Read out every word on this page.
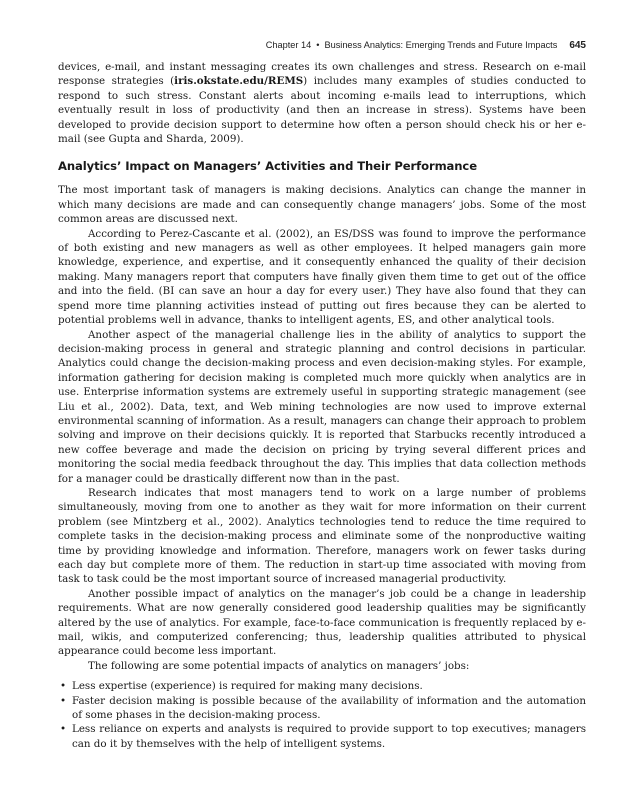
Chapter 14 • Business Analytics: Emerging Trends and Future Impacts 645

devices, e-mail, and instant messaging creates its own challenges and stress. Research on e-mail response strategies (iris.okstate.edu/REMS) includes many examples of studies conducted to respond to such stress. Constant alerts about incoming e-mails lead to interruptions, which eventually result in loss of productivity (and then an increase in stress). Systems have been developed to provide decision support to determine how often a person should check his or her e-mail (see Gupta and Sharda, 2009).

Analytics’ Impact on Managers’ Activities and Their Performance

The most important task of managers is making decisions. Analytics can change the manner in which many decisions are made and can consequently change managers’ jobs. Some of the most common areas are discussed next.

According to Perez-Cascante et al. (2002), an ES/DSS was found to improve the performance of both existing and new managers as well as other employees. It helped managers gain more knowledge, experience, and expertise, and it consequently enhanced the quality of their decision making. Many managers report that computers have finally given them time to get out of the office and into the field. (BI can save an hour a day for every user.) They have also found that they can spend more time planning activities instead of putting out fires because they can be alerted to potential problems well in advance, thanks to intelligent agents, ES, and other analytical tools.

Another aspect of the managerial challenge lies in the ability of analytics to support the decision-making process in general and strategic planning and control decisions in particular. Analytics could change the decision-making process and even decision-making styles. For example, information gathering for decision making is completed much more quickly when analytics are in use. Enterprise information systems are extremely useful in supporting strategic management (see Liu et al., 2002). Data, text, and Web mining technologies are now used to improve external environmental scanning of information. As a result, managers can change their approach to problem solving and improve on their decisions quickly. It is reported that Starbucks recently introduced a new coffee beverage and made the decision on pricing by trying several different prices and monitoring the social media feedback throughout the day. This implies that data collection methods for a manager could be drastically different now than in the past.

Research indicates that most managers tend to work on a large number of problems simultaneously, moving from one to another as they wait for more information on their current problem (see Mintzberg et al., 2002). Analytics technologies tend to reduce the time required to complete tasks in the decision-making process and eliminate some of the nonproductive waiting time by providing knowledge and information. Therefore, managers work on fewer tasks during each day but complete more of them. The reduction in start-up time associated with moving from task to task could be the most important source of increased managerial productivity.

Another possible impact of analytics on the manager’s job could be a change in leadership requirements. What are now generally considered good leadership qualities may be significantly altered by the use of analytics. For example, face-to-face communication is frequently replaced by e-mail, wikis, and computerized conferencing; thus, leadership qualities attributed to physical appearance could become less important.

The following are some potential impacts of analytics on managers’ jobs:

• Less expertise (experience) is required for making many decisions.
• Faster decision making is possible because of the availability of information and the automation of some phases in the decision-making process.
• Less reliance on experts and analysts is required to provide support to top executives; managers can do it by themselves with the help of intelligent systems.
